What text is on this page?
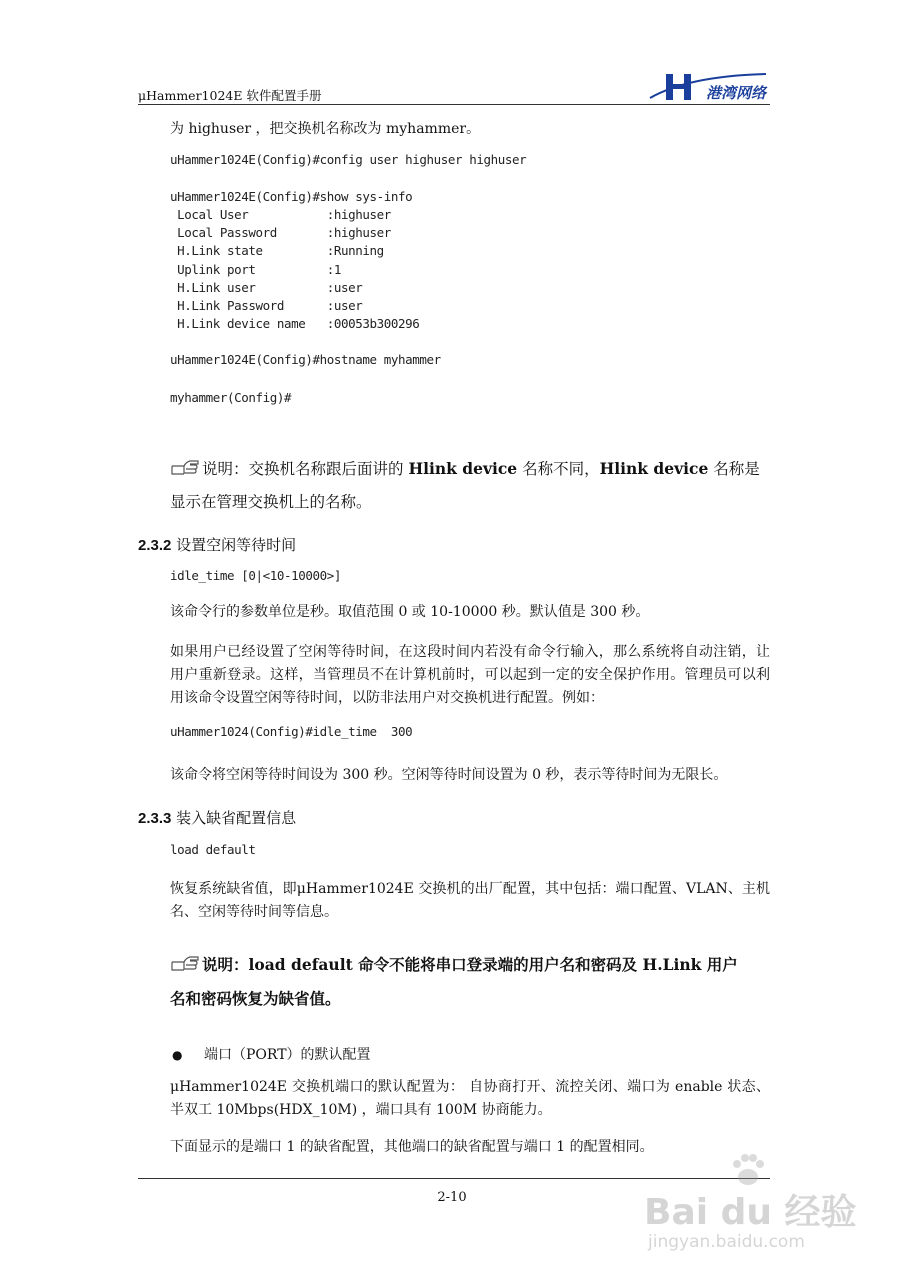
μHammer1024E 软件配置手册	港湾网络
为 highuser ，把交换机名称改为 myhammer。
uHammer1024E(Config)#config user highuser highuser
uHammer1024E(Config)#show sys-info
Local User           :highuser
Local Password       :highuser
H.Link state         :Running
Uplink port          :1
H.Link user          :user
H.Link Password      :user
H.Link device name   :00053b300296
uHammer1024E(Config)#hostname myhammer
myhammer(Config)#
说明：交换机名称跟后面讲的 Hlink device 名称不同，Hlink device 名称是
显示在管理交换机上的名称。
2.3.2 设置空闲等待时间
idle_time [0|<10-10000>]
该命令行的参数单位是秒。取值范围 0 或 10-10000 秒。默认值是 300 秒。
如果用户已经设置了空闲等待时间，在这段时间内若没有命令行输入，那么系统将自动注销，让用户重新登录。这样，当管理员不在计算机前时，可以起到一定的安全保护作用。管理员可以利用该命令设置空闲等待时间，以防非法用户对交换机进行配置。例如：
uHammer1024(Config)#idle_time  300
该命令将空闲等待时间设为 300 秒。空闲等待时间设置为 0 秒，表示等待时间为无限长。
2.3.3 装入缺省配置信息
load default
恢复系统缺省值，即μHammer1024E 交换机的出厂配置，其中包括：端口配置、VLAN、主机名、空闲等待时间等信息。
说明：load default 命令不能将串口登录端的用户名和密码及 H.Link 用户
名和密码恢复为缺省值。
● 端口（PORT）的默认配置
μHammer1024E 交换机端口的默认配置为： 自协商打开、流控关闭、端口为 enable 状态、半双工 10Mbps(HDX_10M) ，端口具有 100M 协商能力。
下面显示的是端口 1 的缺省配置，其他端口的缺省配置与端口 1 的配置相同。
2-10	Bai du 经验
jingyan.baidu.com
